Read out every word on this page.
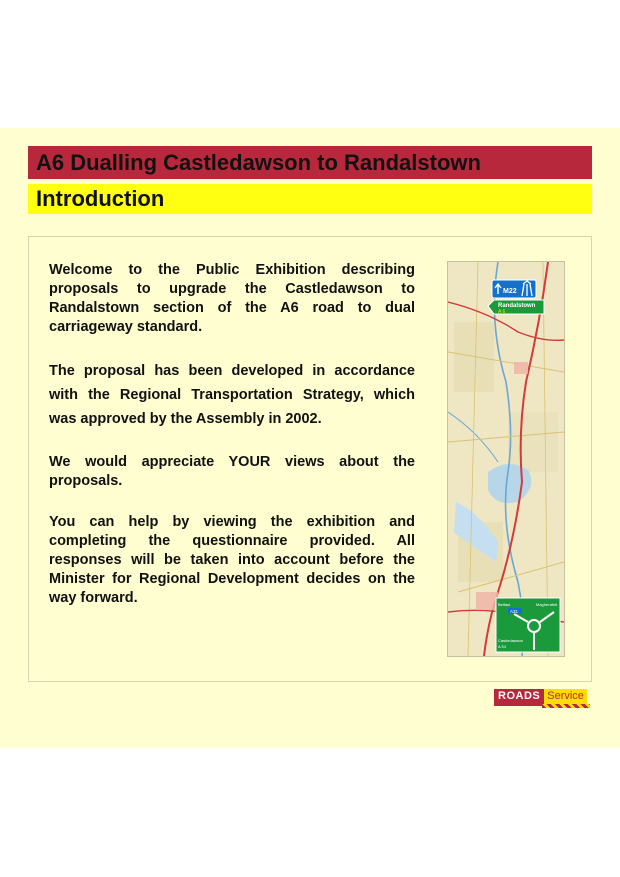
A6 Dualling Castledawson to Randalstown
Introduction

Welcome to the Public Exhibition describing proposals to upgrade the Castledawson to Randalstown section of the A6 road to dual carriageway standard.

The proposal has been developed in accordance with the Regional Transportation Strategy, which was approved by the Assembly in 2002.

We would appreciate YOUR views about the proposals.

You can help by viewing the exhibition and completing the questionnaire provided. All responses will be taken into account before the Minister for Regional Development decides on the way forward.

M22
Randalstown
A 6
Belfast	Magherafelt
A31
Castledawson
A 54
ROADS Service
